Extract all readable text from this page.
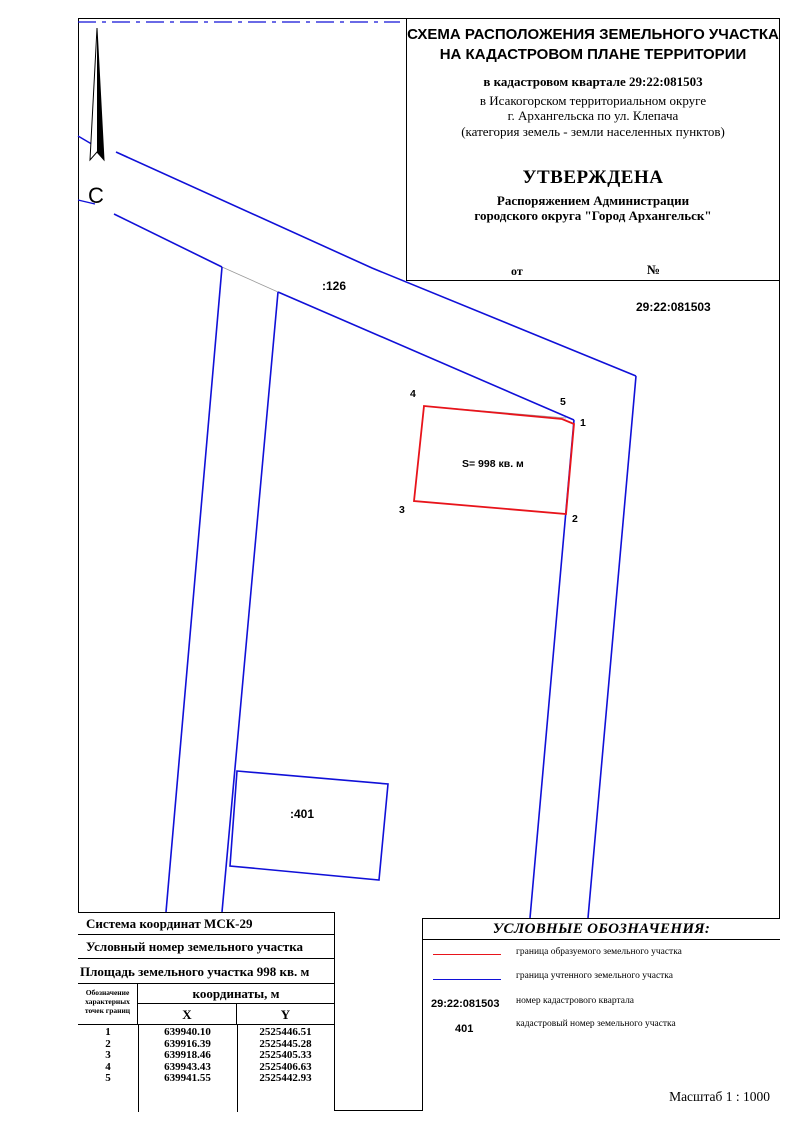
С
:126
29:22:081503
:401
S= 998 кв. м
1
2
3
4
5
СХЕМА РАСПОЛОЖЕНИЯ ЗЕМЕЛЬНОГО УЧАСТКА
НА КАДАСТРОВОМ ПЛАНЕ ТЕРРИТОРИИ
в кадастровом квартале 29:22:081503
в Исакогорском территориальном округе
г. Архангельска по ул. Клепача
(категория земель - земли населенных пунктов)
УТВЕРЖДЕНА
Распоряжением Администрации
городского округа "Город Архангельск"
от	№
Система координат МСК-29
Условный номер земельного участка
Площадь земельного участка 998 кв. м
Обозначение характерных точек границ
координаты, м
X	Y
1	639940.10	2525446.51
2	639916.39	2525445.28
3	639918.46	2525405.33
4	639943.43	2525406.63
5	639941.55	2525442.93
УСЛОВНЫЕ ОБОЗНАЧЕНИЯ:
граница образуемого земельного участка
граница учтенного земельного участка
29:22:081503 номер кадастрового квартала
401	кадастровый номер земельного участка
Масштаб 1 : 1000
